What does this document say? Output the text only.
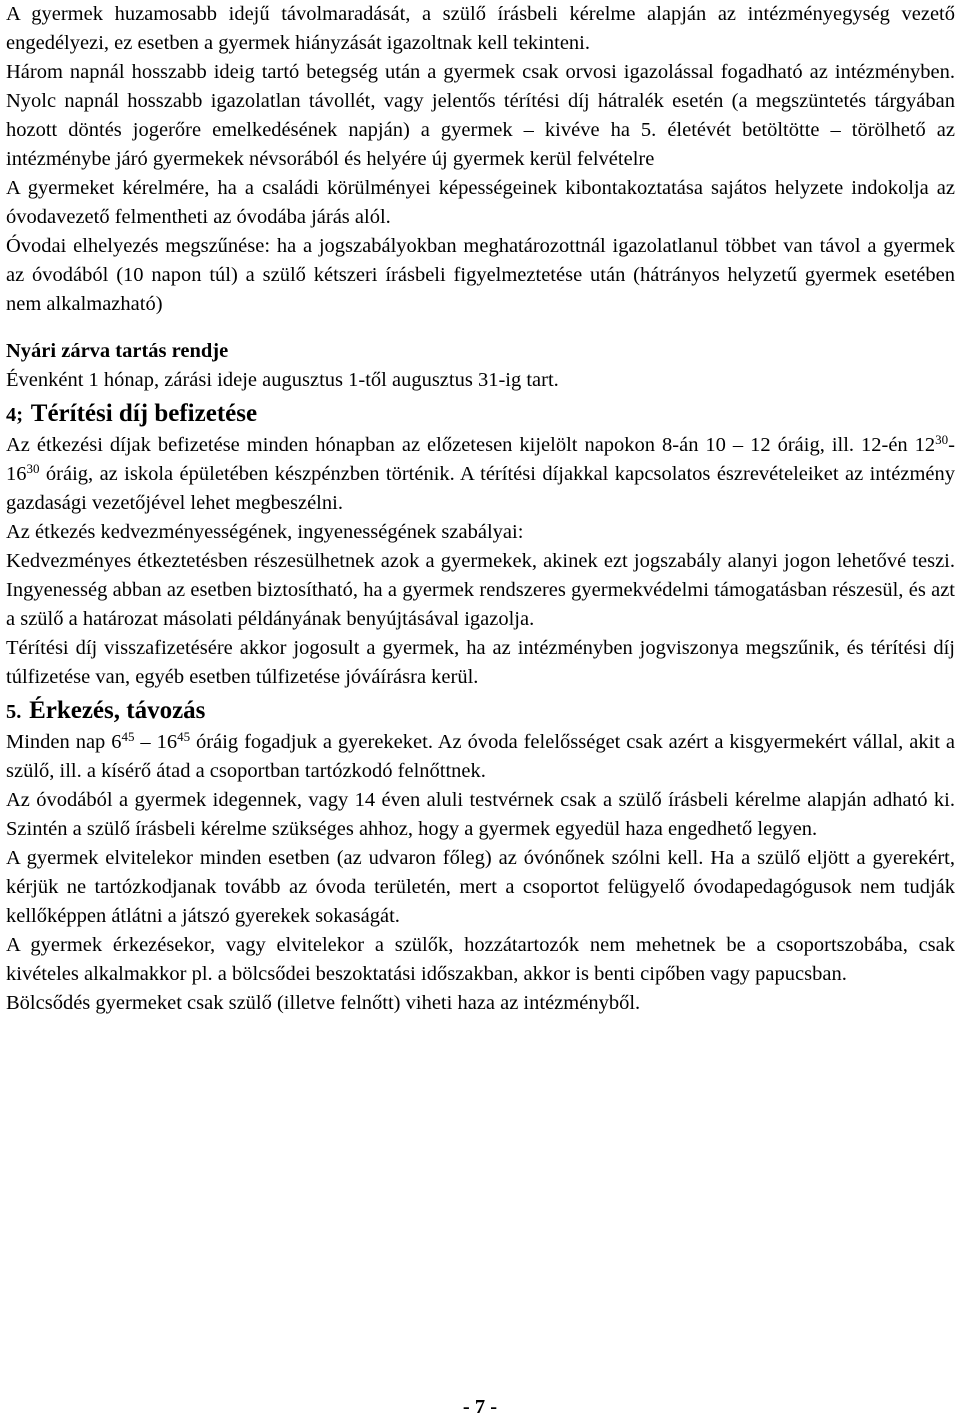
A gyermek huzamosabb idejű távolmaradását, a szülő írásbeli kérelme alapján az intézményegység vezető engedélyezi, ez esetben a gyermek hiányzását igazoltnak kell tekinteni.

Három napnál hosszabb ideig tartó betegség után a gyermek csak orvosi igazolással fogadható az intézményben. Nyolc napnál hosszabb igazolatlan távollét, vagy jelentős térítési díj hátralék esetén (a megszüntetés tárgyában hozott döntés jogerőre emelkedésének napján) a gyermek – kivéve ha 5. életévét betöltötte – törölhető az intézménybe járó gyermekek névsorából és helyére új gyermek kerül felvételre

A gyermeket kérelmére, ha a családi körülményei képességeinek kibontakoztatása sajátos helyzete indokolja az óvodavezető felmentheti az óvodába járás alól.

Óvodai elhelyezés megszűnése: ha a jogszabályokban meghatározottnál igazolatlanul többet van távol a gyermek az óvodából (10 napon túl) a szülő kétszeri írásbeli figyelmeztetése után (hátrányos helyzetű gyermek esetében nem alkalmazható)

Nyári zárva tartás rendje

Évenként 1 hónap, zárási ideje augusztus 1-től augusztus 31-ig tart.

4; Térítési díj befizetése

Az étkezési díjak befizetése minden hónapban az előzetesen kijelölt napokon 8-án 10 – 12 óráig, ill. 12-én $12^{30}-16^{30}$ óráig, az iskola épületében készpénzben történik. A térítési díjakkal kapcsolatos észrevételeiket az intézmény gazdasági vezetőjével lehet megbeszélni.

Az étkezés kedvezményességének, ingyenességének szabályai:

Kedvezményes étkeztetésben részesülhetnek azok a gyermekek, akinek ezt jogszabály alanyi jogon lehetővé teszi. Ingyenesség abban az esetben biztosítható, ha a gyermek rendszeres gyermekvédelmi támogatásban részesül, és azt a szülő a határozat másolati példányának benyújtásával igazolja.

Térítési díj visszafizetésére akkor jogosult a gyermek, ha az intézményben jogviszonya megszűnik, és térítési díj túlfizetése van, egyéb esetben túlfizetése jóváírásra kerül.

5. Érkezés, távozás

Minden nap $6^{45} - 16^{45}$ óráig fogadjuk a gyerekeket. Az óvoda felelősséget csak azért a kisgyermekért vállal, akit a szülő, ill. a kísérő átad a csoportban tartózkodó felnőttnek.

Az óvodából a gyermek idegennek, vagy 14 éven aluli testvérnek csak a szülő írásbeli kérelme alapján adható ki. Szintén a szülő írásbeli kérelme szükséges ahhoz, hogy a gyermek egyedül haza engedhető legyen.

A gyermek elvitelekor minden esetben (az udvaron főleg) az óvónőnek szólni kell. Ha a szülő eljött a gyerekért, kérjük ne tartózkodjanak tovább az óvoda területén, mert a csoportot felügyelő óvodapedagógusok nem tudják kellőképpen átlátni a játszó gyerekek sokaságát.

A gyermek érkezésekor, vagy elvitelekor a szülők, hozzátartozók nem mehetnek be a csoportszobába, csak kivételes alkalmakkor pl. a bölcsődei beszoktatási időszakban, akkor is benti cipőben vagy papucsban.

Bölcsődés gyermeket csak szülő (illetve felnőtt) viheti haza az intézményből.

- 7 -
